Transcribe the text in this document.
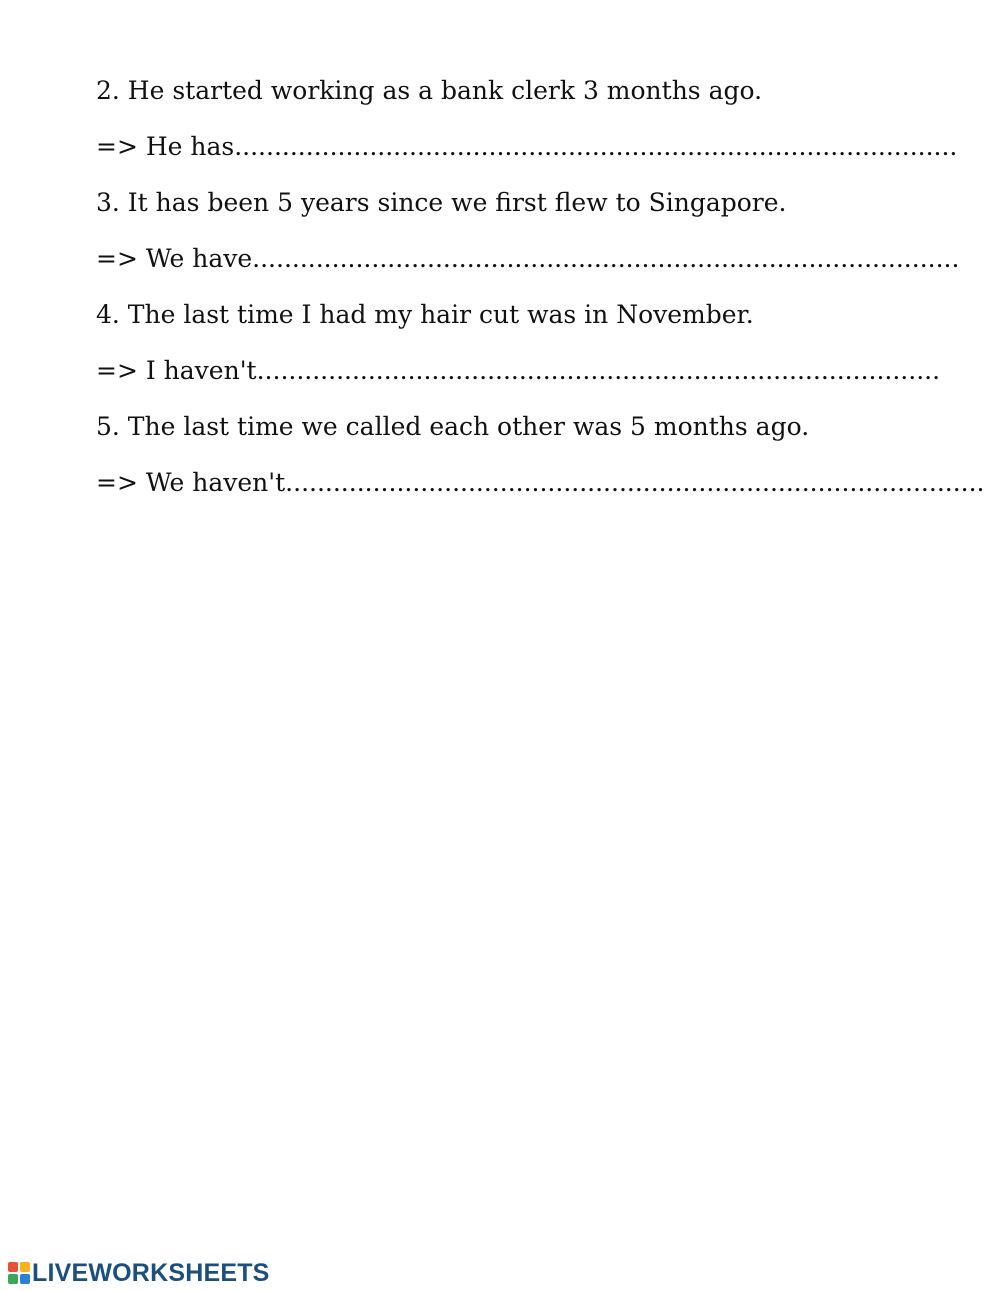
2. He started working as a bank clerk 3 months ago.
=> He has...........................................................................................
3. It has been 5 years since we first flew to Singapore.
=> We have.........................................................................................
4. The last time I had my hair cut was in November.
=> I haven't......................................................................................
5. The last time we called each other was 5 months ago.
=> We haven't........................................................................................
LIVEWORKSHEETS
